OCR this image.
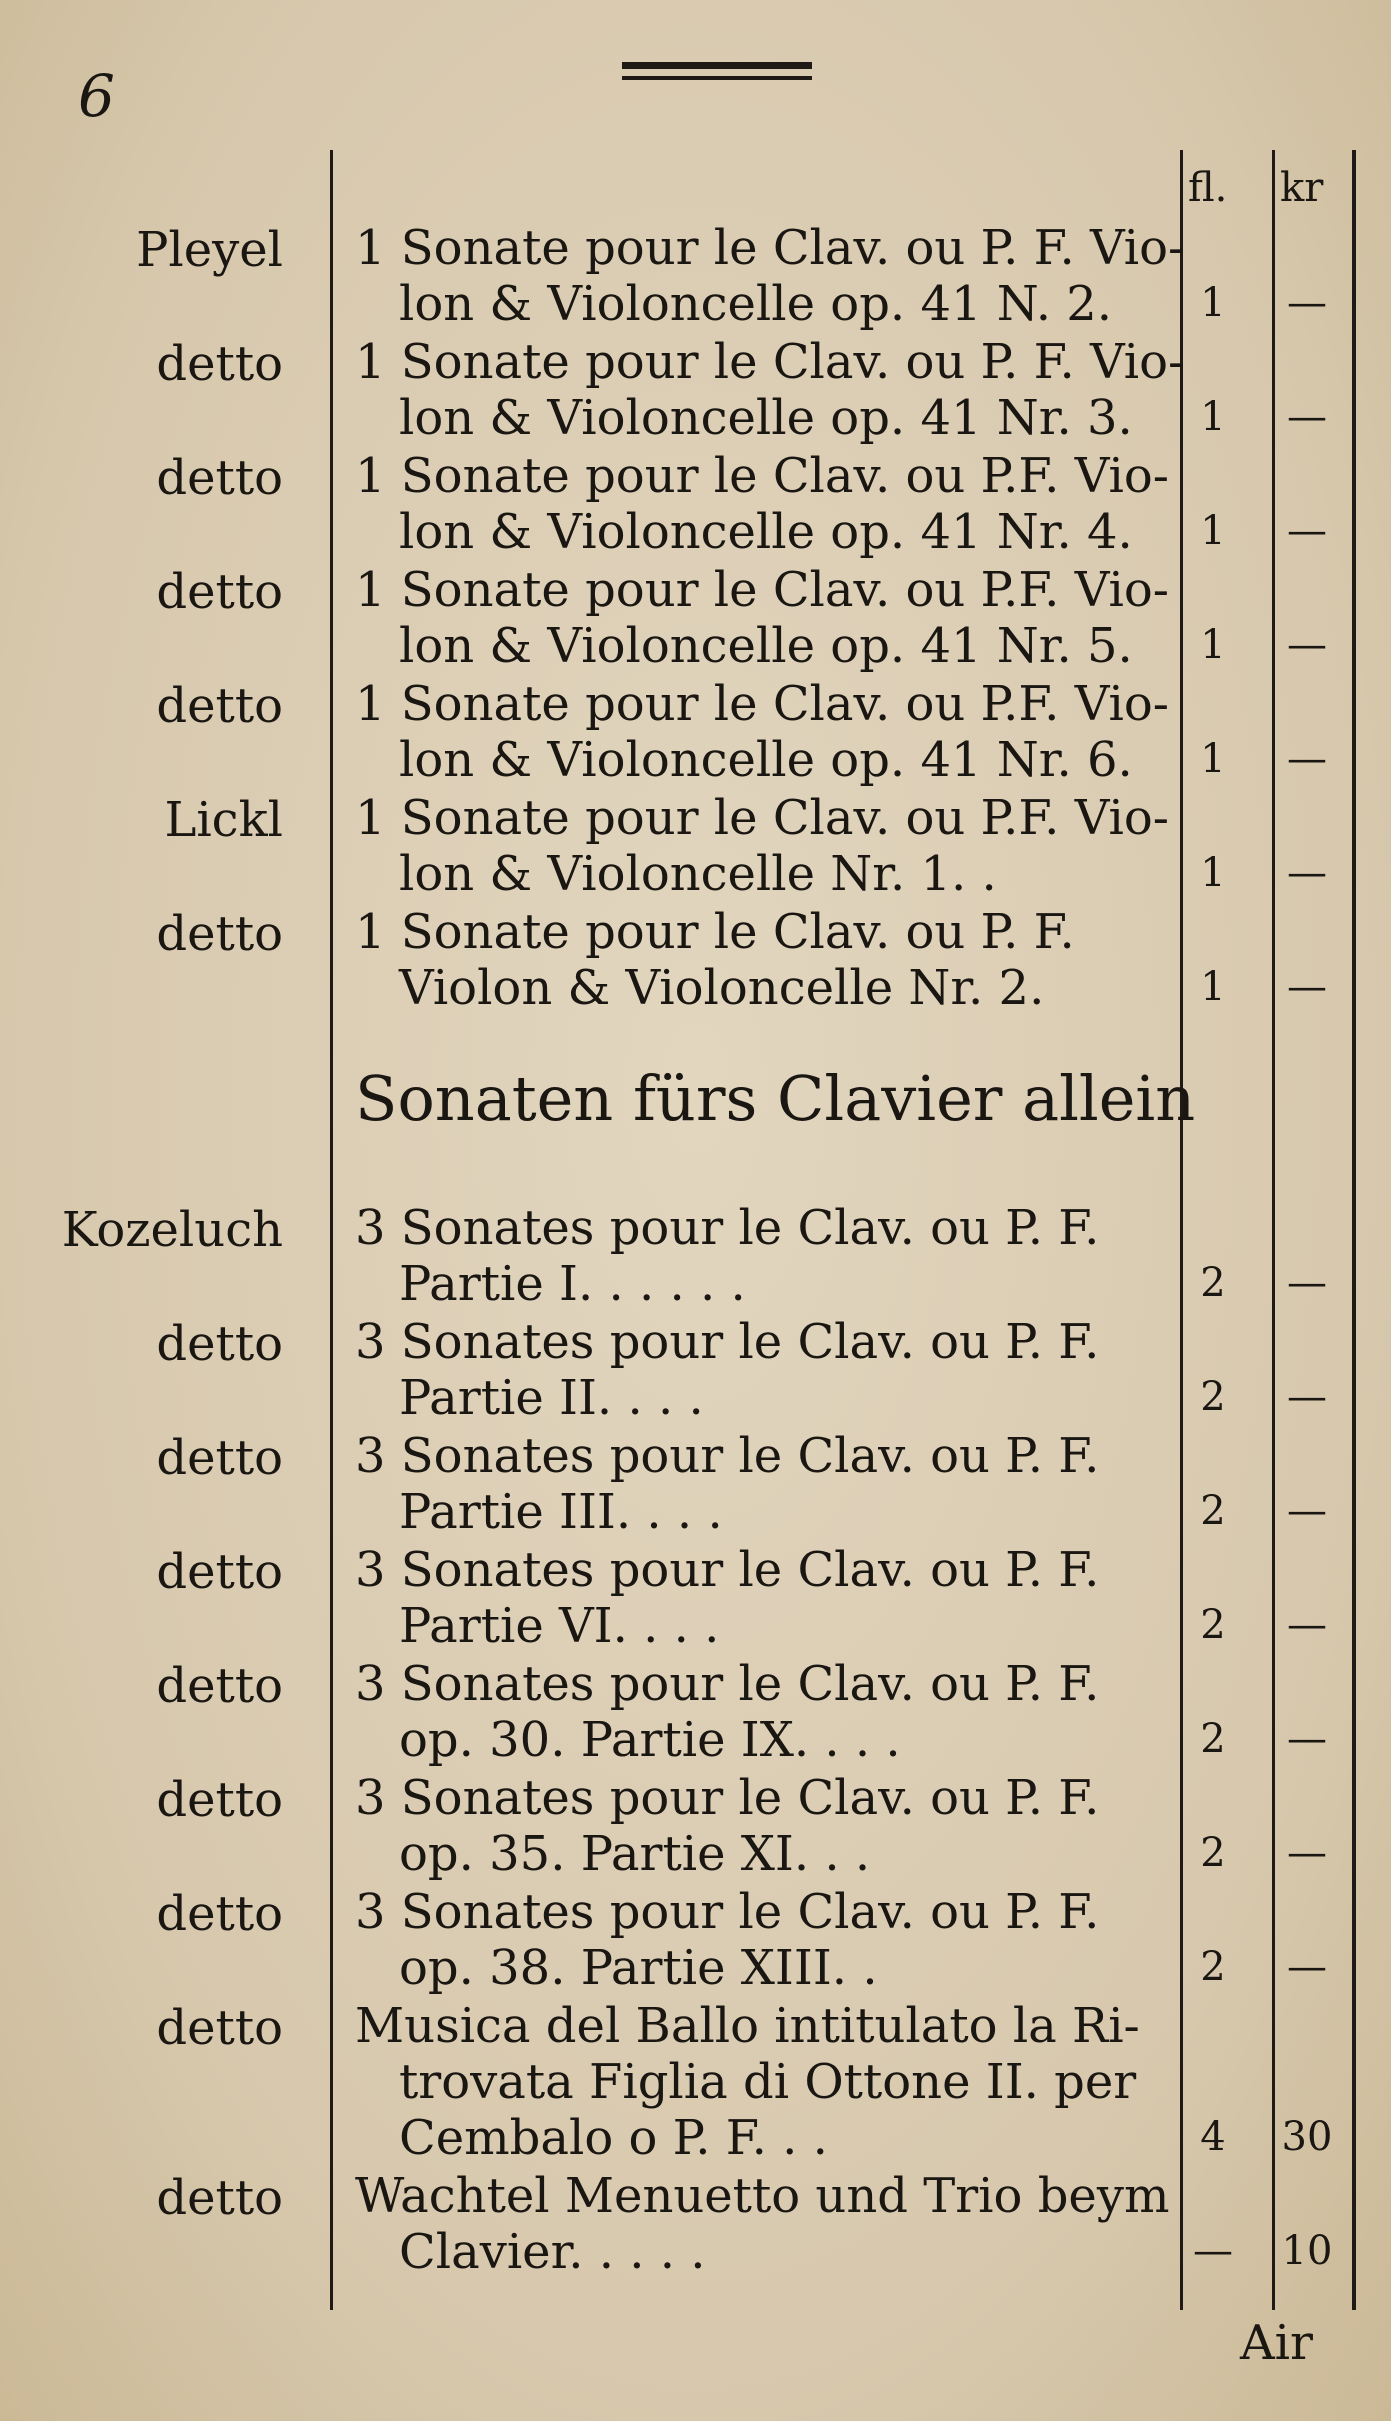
6
fl. kr
Pleyel 1 Sonate pour le Clav. ou P. F. Vio-
lon & Violoncelle op. 41 N. 2.	1	—
detto 1 Sonate pour le Clav. ou P. F. Vio-
lon & Violoncelle op. 41 Nr. 3.	1	—
detto 1 Sonate pour le Clav. ou P.F. Vio-
lon & Violoncelle op. 41 Nr. 4.	1	—
detto 1 Sonate pour le Clav. ou P.F. Vio-
lon & Violoncelle op. 41 Nr. 5.	1	—
detto 1 Sonate pour le Clav. ou P.F. Vio-
lon & Violoncelle op. 41 Nr. 6.	1	—
Lickl 1 Sonate pour le Clav. ou P.F. Vio-
lon & Violoncelle Nr. 1. .	1	—
detto 1 Sonate pour le Clav. ou P. F.
Violon & Violoncelle Nr. 2.	1	—
Sonaten fürs Clavier allein
Kozeluch 3 Sonates pour le Clav. ou P. F.
Partie I. . . . . .	2	—
detto 3 Sonates pour le Clav. ou P. F.
Partie II. . . .	2	—
detto 3 Sonates pour le Clav. ou P. F.
Partie III. . . .	2	—
detto 3 Sonates pour le Clav. ou P. F.
Partie VI. . . .	2	—
detto 3 Sonates pour le Clav. ou P. F.
op. 30. Partie IX. . . .	2	—
detto 3 Sonates pour le Clav. ou P. F.
op. 35. Partie XI. . .	2	—
detto 3 Sonates pour le Clav. ou P. F.
op. 38. Partie XIII. .	2	—
detto Musica del Ballo intitulato la Ri-
trovata Figlia di Ottone II. per
Cembalo o P. F. . .	4	30
detto Wachtel Menuetto und Trio beym
Clavier. . . . .	—	10
Air
